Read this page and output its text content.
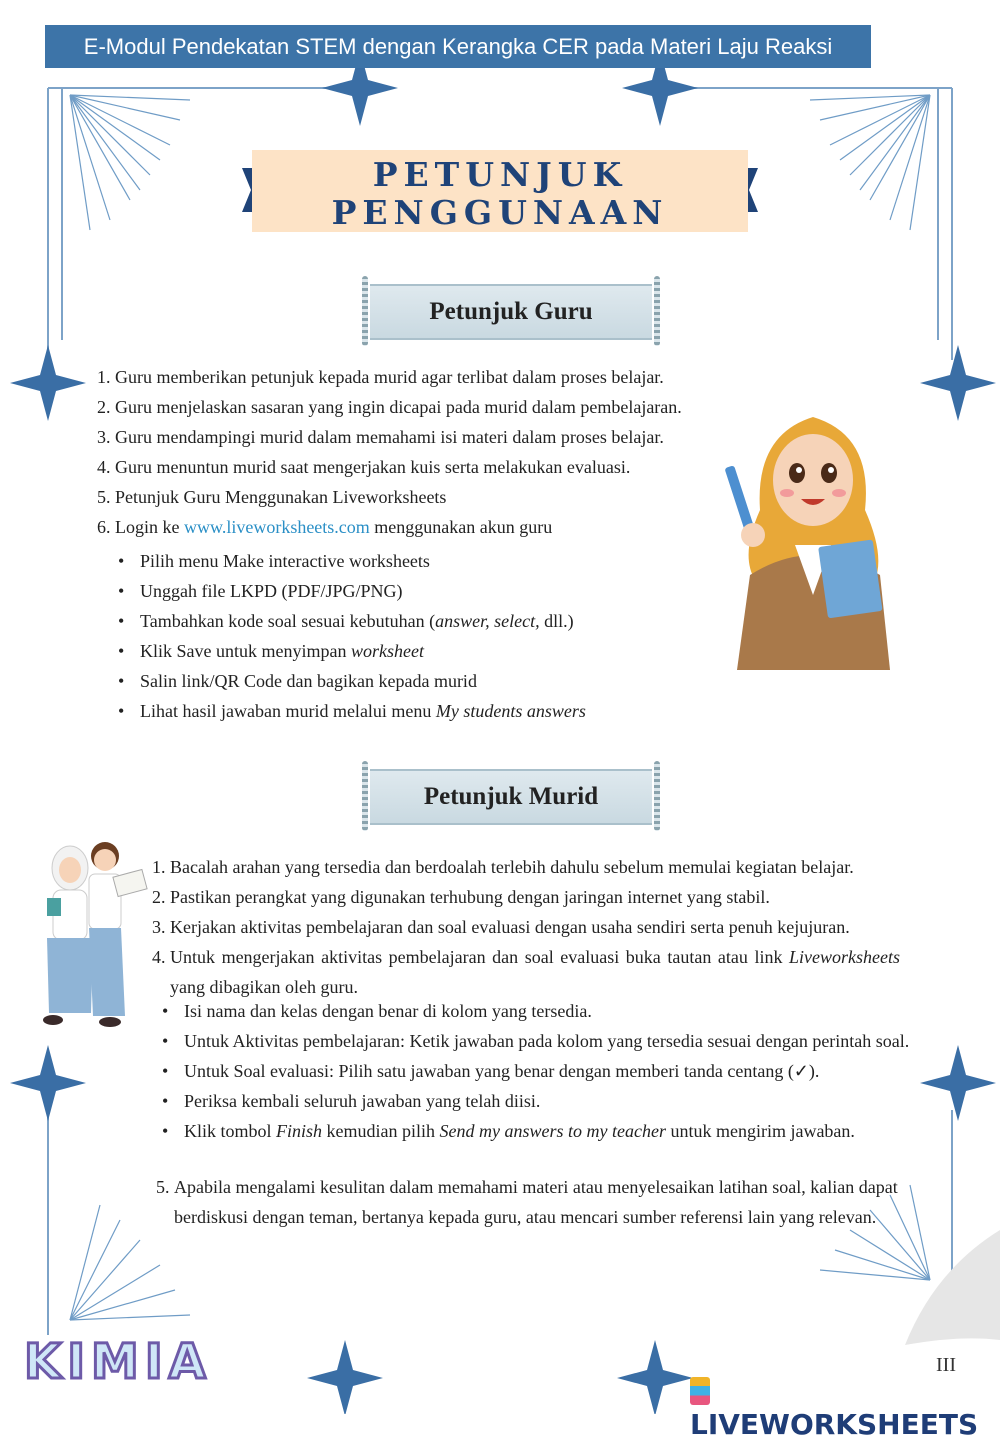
E-Modul Pendekatan STEM dengan Kerangka CER pada Materi Laju Reaksi
PETUNJUK
PENGGUNAAN
Petunjuk Guru
1. Guru memberikan petunjuk kepada murid agar terlibat dalam proses belajar.
2. Guru menjelaskan sasaran yang ingin dicapai pada murid dalam pembelajaran.
3. Guru mendampingi murid dalam memahami isi materi dalam proses belajar.
4. Guru menuntun murid saat mengerjakan kuis serta melakukan evaluasi.
5. Petunjuk Guru Menggunakan Liveworksheets
6. Login ke www.liveworksheets.com menggunakan akun guru
• Pilih menu Make interactive worksheets
• Unggah file LKPD (PDF/JPG/PNG)
• Tambahkan kode soal sesuai kebutuhan (answer, select, dll.)
• Klik Save untuk menyimpan worksheet
• Salin link/QR Code dan bagikan kepada murid
• Lihat hasil jawaban murid melalui menu My students answers
Petunjuk Murid
1. Bacalah arahan yang tersedia dan berdoalah terlebih dahulu sebelum memulai kegiatan belajar.
2. Pastikan perangkat yang digunakan terhubung dengan jaringan internet yang stabil.
3. Kerjakan aktivitas pembelajaran dan soal evaluasi dengan usaha sendiri serta penuh kejujuran.
4. Untuk mengerjakan aktivitas pembelajaran dan soal evaluasi buka tautan atau link Liveworksheets yang dibagikan oleh guru.
• Isi nama dan kelas dengan benar di kolom yang tersedia.
• Untuk Aktivitas pembelajaran: Ketik jawaban pada kolom yang tersedia sesuai dengan perintah soal.
• Untuk Soal evaluasi: Pilih satu jawaban yang benar dengan memberi tanda centang (✓).
• Periksa kembali seluruh jawaban yang telah diisi.
• Klik tombol Finish kemudian pilih Send my answers to my teacher untuk mengirim jawaban.
5. Apabila mengalami kesulitan dalam memahami materi atau menyelesaikan latihan soal, kalian dapat berdiskusi dengan teman, bertanya kepada guru, atau mencari sumber referensi lain yang relevan.
KIMIA	III
LIVEWORKSHEETS
